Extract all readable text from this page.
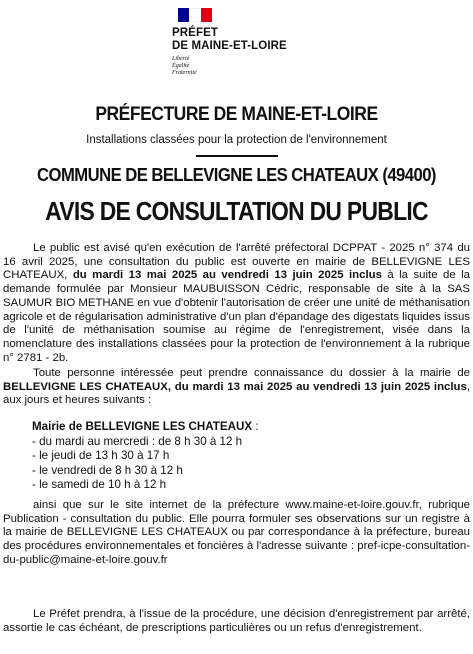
PRÉFET
DE MAINE-ET-LOIRE
Liberté
Égalité
Fraternité
PRÉFECTURE DE MAINE-ET-LOIRE
Installations classées pour la protection de l'environnement
COMMUNE DE BELLEVIGNE LES CHATEAUX (49400)
AVIS DE CONSULTATION DU PUBLIC
Le public est avisé qu'en exécution de l'arrêté préfectoral DCPPAT - 2025 n° 374 du 16 avril 2025, une consultation du public est ouverte en mairie de BELLEVIGNE LES CHATEAUX, du mardi 13 mai 2025 au vendredi 13 juin 2025 inclus à la suite de la demande formulée par Monsieur MAUBUISSON Cédric, responsable de site à la SAS SAUMUR BIO METHANE en vue d'obtenir l'autorisation de créer une unité de méthanisation agricole et de régularisation administrative d'un plan d'épandage des digestats liquides issus de l'unité de méthanisation soumise au régime de l'enregistrement, visée dans la nomenclature des installations classées pour la protection de l'environnement à la rubrique n° 2781 - 2b.
Toute personne intéressée peut prendre connaissance du dossier à la mairie de BELLEVIGNE LES CHATEAUX, du mardi 13 mai 2025 au vendredi 13 juin 2025 inclus, aux jours et heures suivants :
Mairie de BELLEVIGNE LES CHATEAUX :
- du mardi au mercredi : de 8 h 30 à 12 h
- le jeudi de 13 h 30 à 17 h
- le vendredi de 8 h 30 à 12 h
- le samedi de 10 h à 12 h
ainsi que sur le site internet de la préfecture www.maine-et-loire.gouv.fr, rubrique Publication - consultation du public. Elle pourra formuler ses observations sur un registre à la mairie de BELLEVIGNE LES CHATEAUX ou par correspondance à la préfecture, bureau des procédures environnementales et foncières à l'adresse suivante : pref-icpe-consultation-du-public@maine-et-loire.gouv.fr
Le Préfet prendra, à l'issue de la procédure, une décision d'enregistrement par arrêté, assortie le cas échéant, de prescriptions particulières ou un refus d'enregistrement.
